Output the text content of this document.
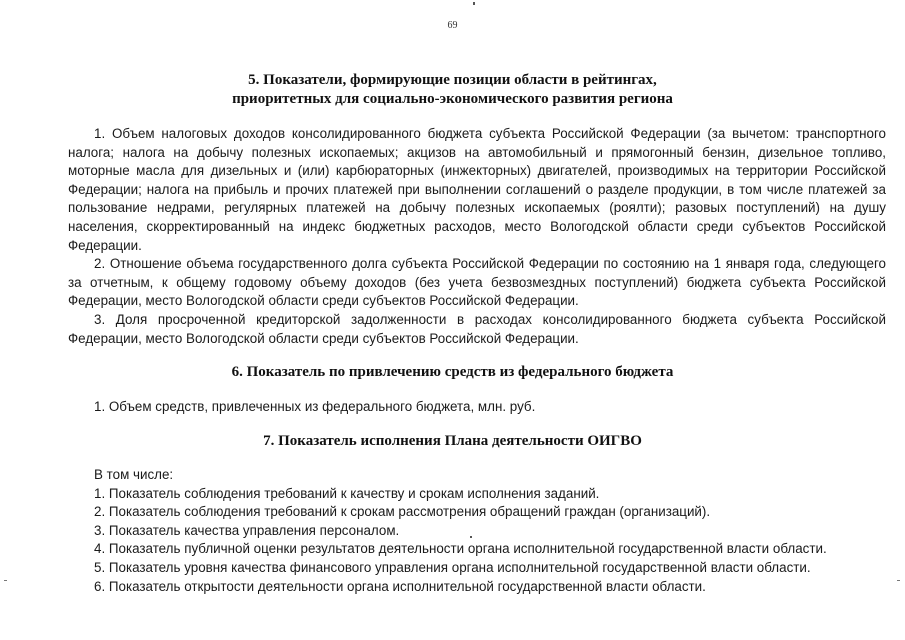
69
5. Показатели, формирующие позиции области в рейтингах,
приоритетных для социально-экономического развития региона

1. Объем налоговых доходов консолидированного бюджета субъекта Российской Федерации (за вычетом: транспортного налога; налога на добычу полезных ископаемых; акцизов на автомобильный и прямогонный бензин, дизельное топливо, моторные масла для дизельных и (или) карбюраторных (инжекторных) двигателей, производимых на территории Российской Федерации; налога на прибыль и прочих платежей при выполнении соглашений о разделе продукции, в том числе платежей за пользование недрами, регулярных платежей на добычу полезных ископаемых (роялти); разовых поступлений) на душу населения, скорректированный на индекс бюджетных расходов, место Вологодской области среди субъектов Российской Федерации.

2. Отношение объема государственного долга субъекта Российской Федерации по состоянию на 1 января года, следующего за отчетным, к общему годовому объему доходов (без учета безвозмездных поступлений) бюджета субъекта Российской Федерации, место Вологодской области среди субъектов Российской Федерации.

3. Доля просроченной кредиторской задолженности в расходах консолидированного бюджета субъекта Российской Федерации, место Вологодской области среди субъектов Российской Федерации.

6. Показатель по привлечению средств из федерального бюджета
1. Объем средств, привлеченных из федерального бюджета, млн. руб.
7. Показатель исполнения Плана деятельности ОИГВО
В том числе:
1. Показатель соблюдения требований к качеству и срокам исполнения заданий.
2. Показатель соблюдения требований к срокам рассмотрения обращений граждан (организаций).
3. Показатель качества управления персоналом.
4. Показатель публичной оценки результатов деятельности органа исполнительной государственной власти области.
5. Показатель уровня качества финансового управления органа исполнительной государственной власти области.
6. Показатель открытости деятельности органа исполнительной государственной власти области.
